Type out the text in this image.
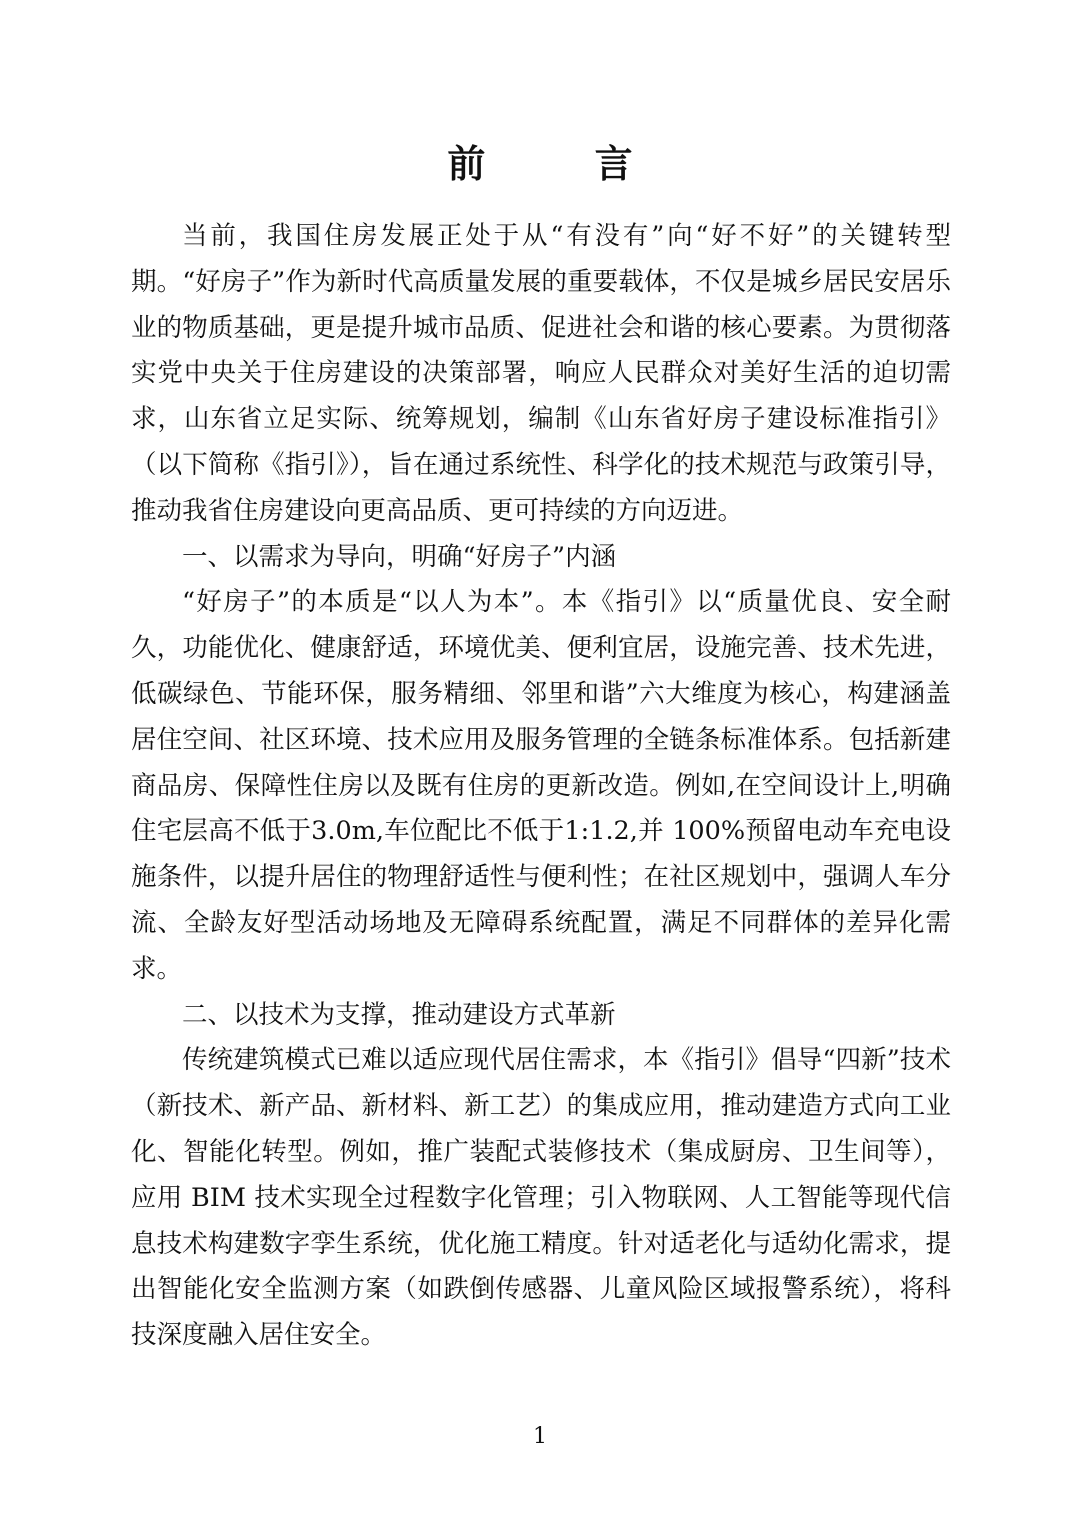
前 言

当前，我国住房发展正处于从“有没有”向“好不好”的关键转型期。“好房子”作为新时代高质量发展的重要载体，不仅是城乡居民安居乐业的物质基础，更是提升城市品质、促进社会和谐的核心要素。为贯彻落实党中央关于住房建设的决策部署，响应人民群众对美好生活的迫切需求，山东省立足实际、统筹规划，编制《山东省好房子建设标准指引》（以下简称《指引》），旨在通过系统性、科学化的技术规范与政策引导，推动我省住房建设向更高品质、更可持续的方向迈进。

一、以需求为导向，明确“好房子”内涵

“好房子”的本质是“以人为本”。本《指引》以“质量优良、安全耐久，功能优化、健康舒适，环境优美、便利宜居，设施完善、技术先进，低碳绿色、节能环保，服务精细、邻里和谐”六大维度为核心，构建涵盖居住空间、社区环境、技术应用及服务管理的全链条标准体系。包括新建商品房、保障性住房以及既有住房的更新改造。例如,在空间设计上,明确住宅层高不低于3.0m,车位配比不低于1:1.2,并 100%预留电动车充电设施条件，以提升居住的物理舒适性与便利性；在社区规划中，强调人车分流、全龄友好型活动场地及无障碍系统配置，满足不同群体的差异化需求。

二、以技术为支撑，推动建设方式革新

传统建筑模式已难以适应现代居住需求，本《指引》倡导“四新”技术（新技术、新产品、新材料、新工艺）的集成应用，推动建造方式向工业化、智能化转型。例如，推广装配式装修技术（集成厨房、卫生间等），应用 BIM 技术实现全过程数字化管理；引入物联网、人工智能等现代信息技术构建数字孪生系统，优化施工精度。针对适老化与适幼化需求，提出智能化安全监测方案（如跌倒传感器、儿童风险区域报警系统），将科技深度融入居住安全。

1
